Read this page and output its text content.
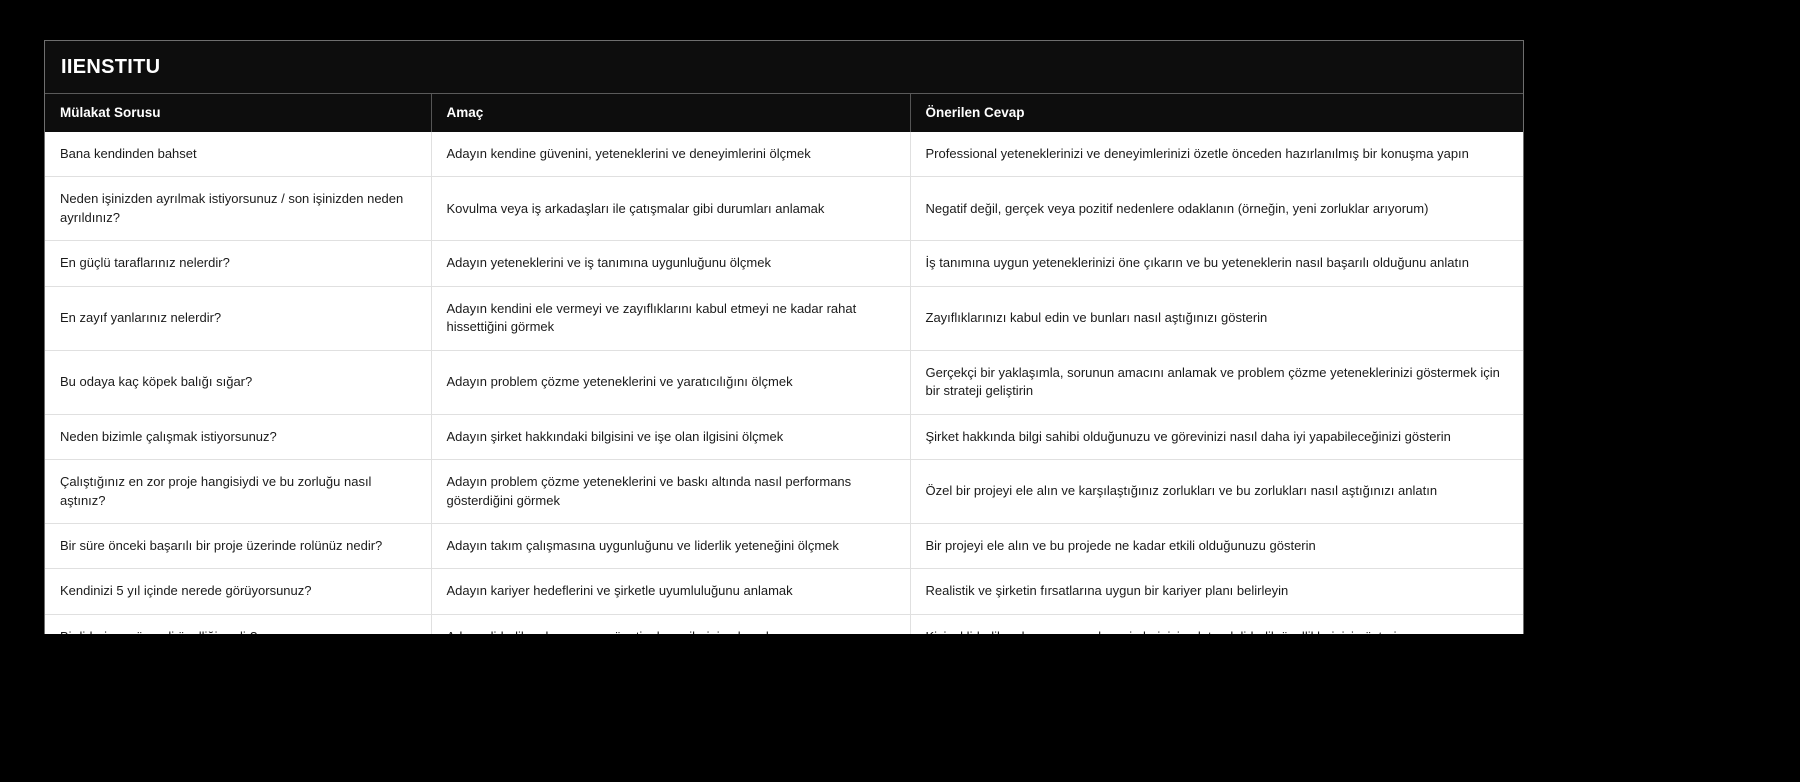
IIENSTITU
Mülakat Sorusu	Amaç	Önerilen Cevap
Bana kendinden bahset	Adayın kendine güvenini, yeteneklerini ve deneyimlerini ölçmek	Professional yeteneklerinizi ve deneyimlerinizi özetle önceden hazırlanılmış bir konuşma yapın
Neden işinizden ayrılmak istiyorsunuz / son işinizden neden ayrıldınız?	Kovulma veya iş arkadaşları ile çatışmalar gibi durumları anlamak	Negatif değil, gerçek veya pozitif nedenlere odaklanın (örneğin, yeni zorluklar arıyorum)
En güçlü taraflarınız nelerdir?	Adayın yeteneklerini ve iş tanımına uygunluğunu ölçmek	İş tanımına uygun yeteneklerinizi öne çıkarın ve bu yeteneklerin nasıl başarılı olduğunu anlatın
En zayıf yanlarınız nelerdir?	Adayın kendini ele vermeyi ve zayıflıklarını kabul etmeyi ne kadar rahat hissettiğini görmek	Zayıflıklarınızı kabul edin ve bunları nasıl aştığınızı gösterin
Bu odaya kaç köpek balığı sığar?	Adayın problem çözme yeteneklerini ve yaratıcılığını ölçmek	Gerçekçi bir yaklaşımla, sorunun amacını anlamak ve problem çözme yeteneklerinizi göstermek için bir strateji geliştirin
Neden bizimle çalışmak istiyorsunuz?	Adayın şirket hakkındaki bilgisini ve işe olan ilgisini ölçmek	Şirket hakkında bilgi sahibi olduğunuzu ve görevinizi nasıl daha iyi yapabileceğinizi gösterin
Çalıştığınız en zor proje hangisiydi ve bu zorluğu nasıl aştınız?	Adayın problem çözme yeteneklerini ve baskı altında nasıl performans gösterdiğini görmek	Özel bir projeyi ele alın ve karşılaştığınız zorlukları ve bu zorlukları nasıl aştığınızı anlatın
Bir süre önceki başarılı bir proje üzerinde rolünüz nedir?	Adayın takım çalışmasına uygunluğunu ve liderlik yeteneğini ölçmek	Bir projeyi ele alın ve bu projede ne kadar etkili olduğunuzu gösterin
Kendinizi 5 yıl içinde nerede görüyorsunuz?	Adayın kariyer hedeflerini ve şirketle uyumluluğunu anlamak	Realistik ve şirketin fırsatlarına uygun bir kariyer planı belirleyin
